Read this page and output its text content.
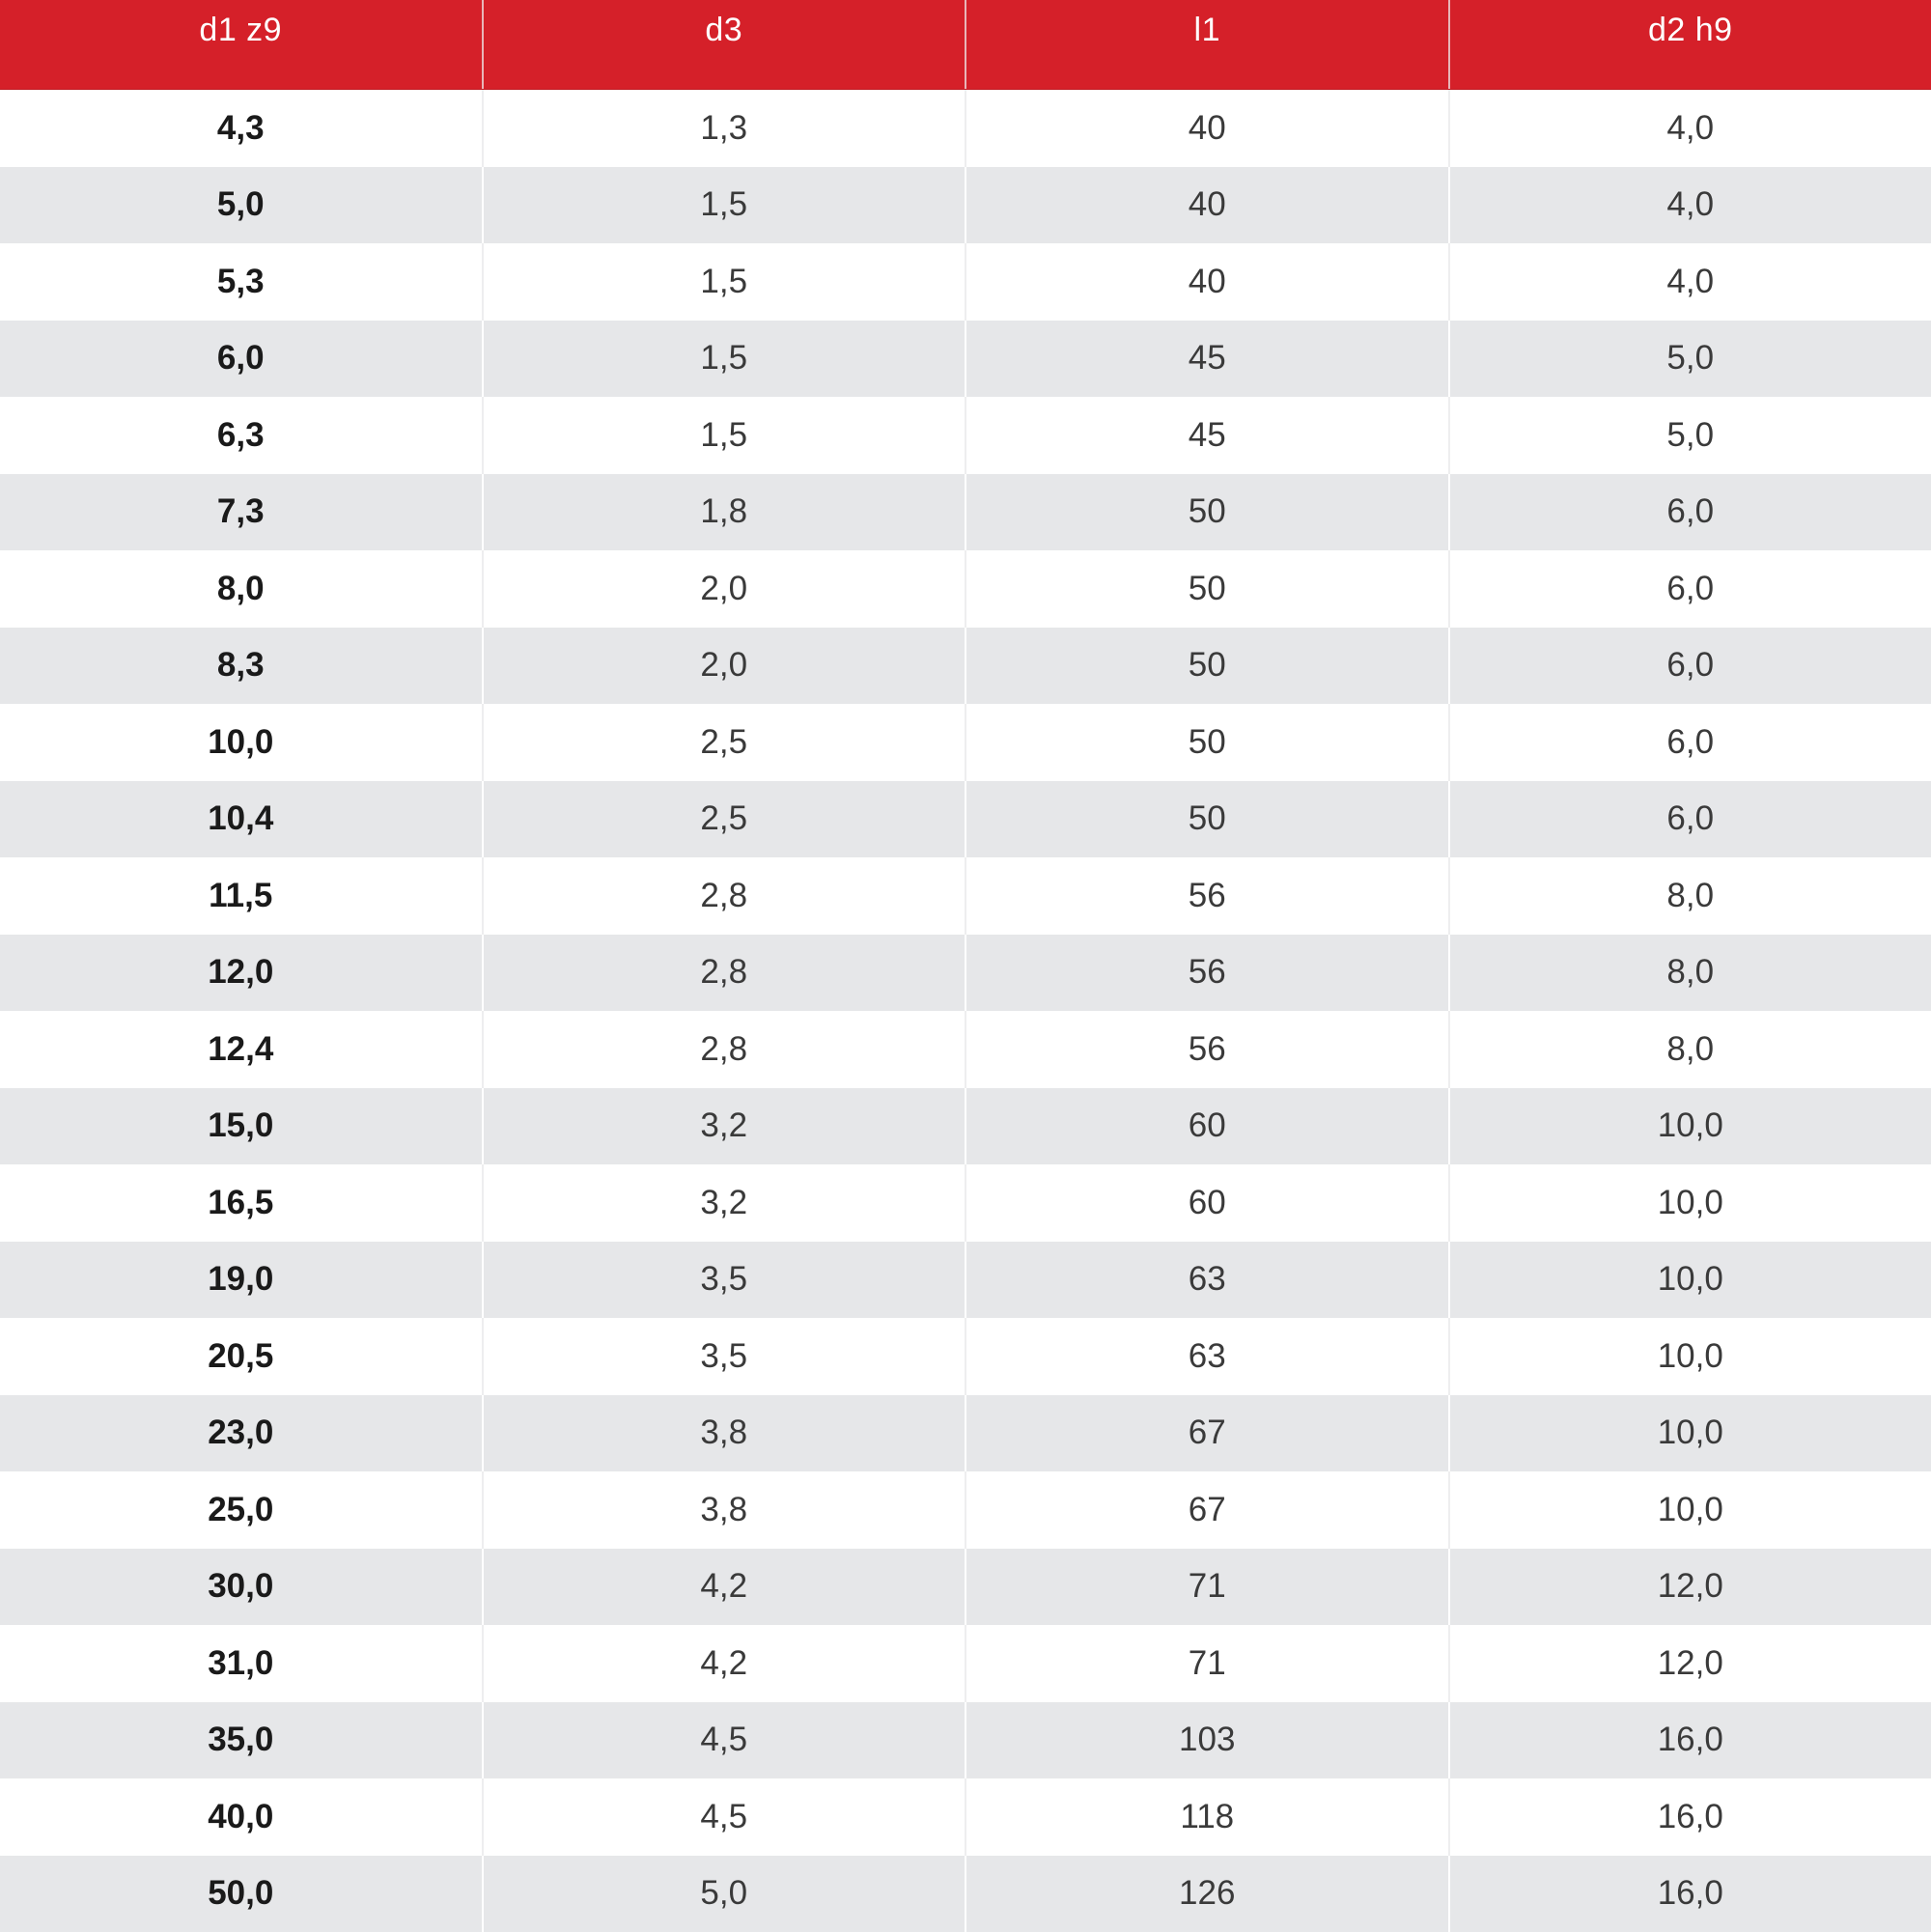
d1 z9	d3	l1	d2 h9
4,3	1,3	40	4,0
5,0	1,5	40	4,0
5,3	1,5	40	4,0
6,0	1,5	45	5,0
6,3	1,5	45	5,0
7,3	1,8	50	6,0
8,0	2,0	50	6,0
8,3	2,0	50	6,0
10,0	2,5	50	6,0
10,4	2,5	50	6,0
11,5	2,8	56	8,0
12,0	2,8	56	8,0
12,4	2,8	56	8,0
15,0	3,2	60	10,0
16,5	3,2	60	10,0
19,0	3,5	63	10,0
20,5	3,5	63	10,0
23,0	3,8	67	10,0
25,0	3,8	67	10,0
30,0	4,2	71	12,0
31,0	4,2	71	12,0
35,0	4,5	103	16,0
40,0	4,5	118	16,0
50,0	5,0	126	16,0
